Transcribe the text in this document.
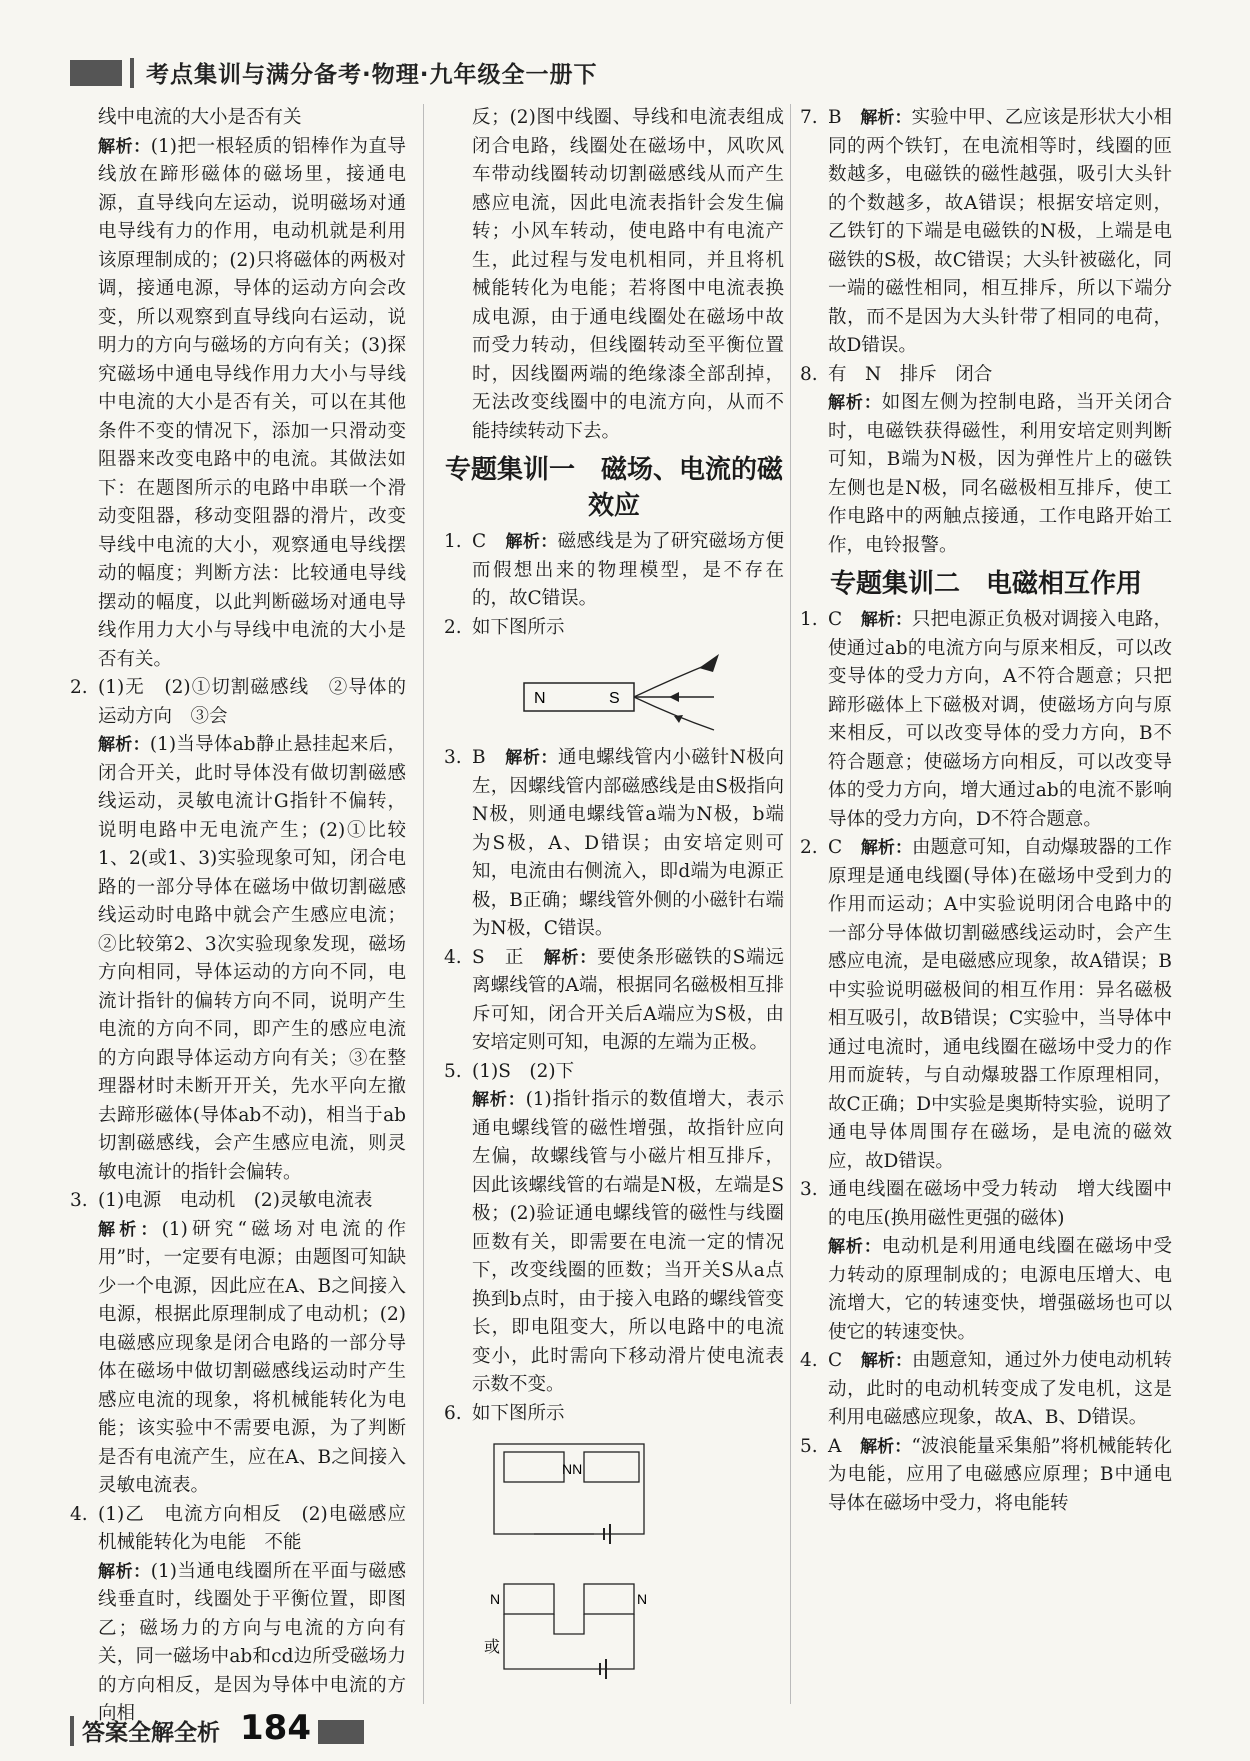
考点集训与满分备考·物理·九年级全一册下

线中电流的大小是否有关

解析：(1)把一根轻质的铝棒作为直导线放在蹄形磁体的磁场里，接通电源，直导线向左运动，说明磁场对通电导线有力的作用，电动机就是利用该原理制成的；(2)只将磁体的两极对调，接通电源，导体的运动方向会改变，所以观察到直导线向右运动，说明力的方向与磁场的方向有关；(3)探究磁场中通电导线作用力大小与导线中电流的大小是否有关，可以在其他条件不变的情况下，添加一只滑动变阻器来改变电路中的电流。其做法如下：在题图所示的电路中串联一个滑动变阻器，移动变阻器的滑片，改变导线中电流的大小，观察通电导线摆动的幅度；判断方法：比较通电导线摆动的幅度，以此判断磁场对通电导线作用力大小与导线中电流的大小是否有关。

2. (1)无　(2)①切割磁感线　②导体的运动方向　③会

解析：(1)当导体ab静止悬挂起来后，闭合开关，此时导体没有做切割磁感线运动，灵敏电流计G指针不偏转，说明电路中无电流产生；(2)①比较1、2(或1、3)实验现象可知，闭合电路的一部分导体在磁场中做切割磁感线运动时电路中就会产生感应电流；②比较第2、3次实验现象发现，磁场方向相同，导体运动的方向不同，电流计指针的偏转方向不同，说明产生电流的方向不同，即产生的感应电流的方向跟导体运动方向有关；③在整理器材时未断开开关，先水平向左撤去蹄形磁体(导体ab不动)，相当于ab切割磁感线，会产生感应电流，则灵敏电流计的指针会偏转。

3. (1)电源　电动机　(2)灵敏电流表

解析：(1)研究“磁场对电流的作用”时，一定要有电源；由题图可知缺少一个电源，因此应在A、B之间接入电源，根据此原理制成了电动机；(2)电磁感应现象是闭合电路的一部分导体在磁场中做切割磁感线运动时产生感应电流的现象，将机械能转化为电能；该实验中不需要电源，为了判断是否有电流产生，应在A、B之间接入灵敏电流表。

4. (1)乙　电流方向相反　(2)电磁感应　机械能转化为电能　不能

解析：(1)当通电线圈所在平面与磁感线垂直时，线圈处于平衡位置，即图乙；磁场力的方向与电流的方向有关，同一磁场中ab和cd边所受磁场力的方向相反，是因为导体中电流的方向相

反；(2)图中线圈、导线和电流表组成闭合电路，线圈处在磁场中，风吹风车带动线圈转动切割磁感线从而产生感应电流，因此电流表指针会发生偏转；小风车转动，使电路中有电流产生，此过程与发电机相同，并且将机械能转化为电能；若将图中电流表换成电源，由于通电线圈处在磁场中故而受力转动，但线圈转动至平衡位置时，因线圈两端的绝缘漆全部刮掉，无法改变线圈中的电流方向，从而不能持续转动下去。

专题集训一　磁场、电流的磁效应

1. C　 解析：磁感线是为了研究磁场方便而假想出来的物理模型，是不存在的，故C错误。

2. 如下图所示

N	S

3. B　 解析：通电螺线管内小磁针N极向左，因螺线管内部磁感线是由S极指向N极，则通电螺线管a端为N极，b端为S极，A、D错误；由安培定则可知，电流由右侧流入，即d端为电源正极，B正确；螺线管外侧的小磁针右端为N极，C错误。

4. S　正　 解析：要使条形磁铁的S端远离螺线管的A端，根据同名磁极相互排斥可知，闭合开关后A端应为S极，由安培定则可知，电源的左端为正极。

5. (1)S　(2)下

解析：(1)指针指示的数值增大，表示通电螺线管的磁性增强，故指针应向左偏，故螺线管与小磁片相互排斥，因此该螺线管的右端是N极，左端是S极；(2)验证通电螺线管的磁性与线圈匝数有关，即需要在电流一定的情况下，改变线圈的匝数；当开关S从a点换到b点时，由于接入电路的螺线管变长，即电阻变大，所以电路中的电流变小，此时需向下移动滑片使电流表示数不变。

6. 如下图所示

NN
N	N
或

7. B　 解析：实验中甲、乙应该是形状大小相同的两个铁钉，在电流相等时，线圈的匝数越多，电磁铁的磁性越强，吸引大头针的个数越多，故A错误；根据安培定则，乙铁钉的下端是电磁铁的N极，上端是电磁铁的S极，故C错误；大头针被磁化，同一端的磁性相同，相互排斥，所以下端分散，而不是因为大头针带了相同的电荷，故D错误。

8. 有　N　排斥　闭合

解析：如图左侧为控制电路，当开关闭合时，电磁铁获得磁性，利用安培定则判断可知，B端为N极，因为弹性片上的磁铁左侧也是N极，同名磁极相互排斥，使工作电路中的两触点接通，工作电路开始工作，电铃报警。

专题集训二　电磁相互作用

1. C　 解析：只把电源正负极对调接入电路，使通过ab的电流方向与原来相反，可以改变导体的受力方向，A不符合题意；只把蹄形磁体上下磁极对调，使磁场方向与原来相反，可以改变导体的受力方向，B不符合题意；使磁场方向相反，可以改变导体的受力方向，增大通过ab的电流不影响导体的受力方向，D不符合题意。

2. C　 解析：由题意可知，自动爆玻器的工作原理是通电线圈(导体)在磁场中受到力的作用而运动；A中实验说明闭合电路中的一部分导体做切割磁感线运动时，会产生感应电流，是电磁感应现象，故A错误；B中实验说明磁极间的相互作用：异名磁极相互吸引，故B错误；C实验中，当导体中通过电流时，通电线圈在磁场中受力的作用而旋转，与自动爆玻器工作原理相同，故C正确；D中实验是奥斯特实验，说明了通电导体周围存在磁场，是电流的磁效应，故D错误。

3. 通电线圈在磁场中受力转动　增大线圈中的电压(换用磁性更强的磁体)

解析：电动机是利用通电线圈在磁场中受力转动的原理制成的；电源电压增大、电流增大，它的转速变快，增强磁场也可以使它的转速变快。

4. C　 解析：由题意知，通过外力使电动机转动，此时的电动机转变成了发电机，这是利用电磁感应现象，故A、B、D错误。

5. A　 解析：“波浪能量采集船”将机械能转化为电能，应用了电磁感应原理；B中通电导体在磁场中受力，将电能转

答案全解全析 184
